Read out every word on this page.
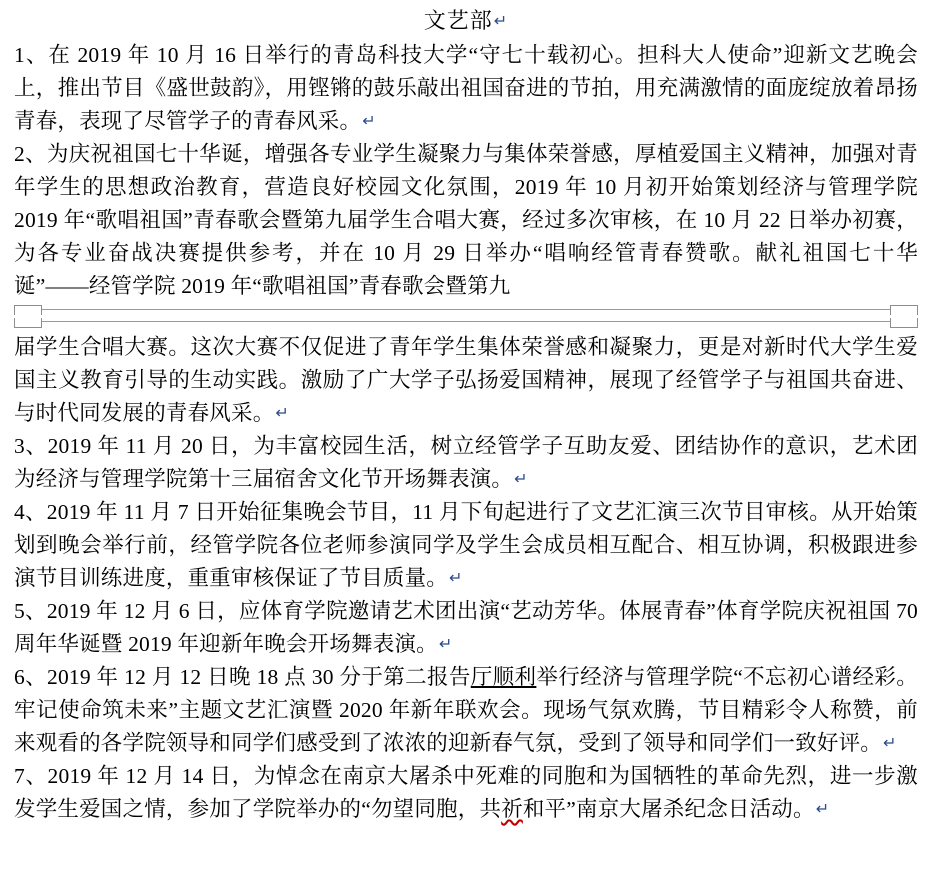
文艺部↵

1、在 2019 年 10 月 16 日举行的青岛科技大学“守七十载初心。担科大人使命”迎新文艺晚会上，推出节目《盛世鼓韵》，用铿锵的鼓乐敲出祖国奋进的节拍，用充满激情的面庞绽放着昂扬青春，表现了尽管学子的青春风采。↵

2、为庆祝祖国七十华诞，增强各专业学生凝聚力与集体荣誉感，厚植爱国主义精神，加强对青年学生的思想政治教育，营造良好校园文化氛围，2019 年 10 月初开始策划经济与管理学院 2019 年“歌唱祖国”青春歌会暨第九届学生合唱大赛，经过多次审核，在 10 月 22 日举办初赛，为各专业奋战决赛提供参考，并在 10 月 29 日举办“唱响经管青春赞歌。献礼祖国七十华诞”——经管学院 2019 年“歌唱祖国”青春歌会暨第九

届学生合唱大赛。这次大赛不仅促进了青年学生集体荣誉感和凝聚力，更是对新时代大学生爱国主义教育引导的生动实践。激励了广大学子弘扬爱国精神，展现了经管学子与祖国共奋进、与时代同发展的青春风采。↵

3、2019 年 11 月 20 日，为丰富校园生活，树立经管学子互助友爱、团结协作的意识，艺术团为经济与管理学院第十三届宿舍文化节开场舞表演。↵

4、2019 年 11 月 7 日开始征集晚会节目，11 月下旬起进行了文艺汇演三次节目审核。从开始策划到晚会举行前，经管学院各位老师参演同学及学生会成员相互配合、相互协调，积极跟进参演节目训练进度，重重审核保证了节目质量。↵

5、2019 年 12 月 6 日，应体育学院邀请艺术团出演“艺动芳华。体展青春”体育学院庆祝祖国 70 周年华诞暨 2019 年迎新年晚会开场舞表演。↵

6、2019 年 12 月 12 日晚 18 点 30 分于第二报告厅顺利举行经济与管理学院“不忘初心谱经彩。牢记使命筑未来”主题文艺汇演暨 2020 年新年联欢会。现场气氛欢腾，节目精彩令人称赞，前来观看的各学院领导和同学们感受到了浓浓的迎新春气氛，受到了领导和同学们一致好评。↵

7、2019 年 12 月 14 日，为悼念在南京大屠杀中死难的同胞和为国牺牲的革命先烈，进一步激发学生爱国之情，参加了学院举办的“勿望同胞，共祈和平”南京大屠杀纪念日活动。↵
